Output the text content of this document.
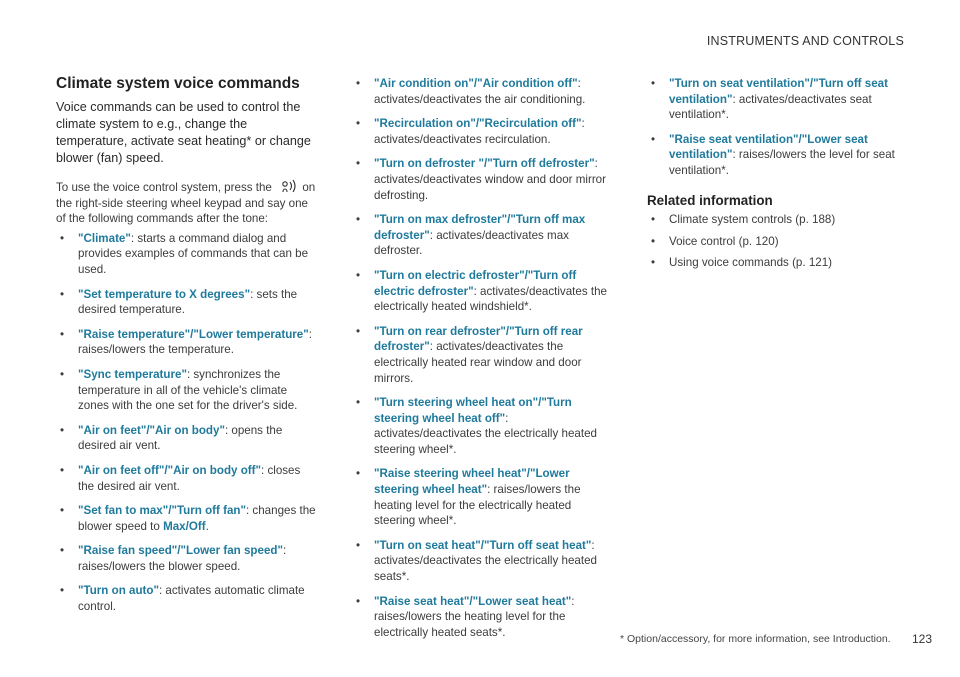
INSTRUMENTS AND CONTROLS
Climate system voice commands

Voice commands can be used to control the climate system to e.g., change the temperature, activate seat heating* or change blower (fan) speed.

To use the voice control system, press the	on the right-side steering wheel keypad and say one of the following commands after the tone:

• "Climate": starts a command dialog and provides examples of commands that can be used.
• "Set temperature to X degrees": sets the desired temperature.
• "Raise temperature"/"Lower temperature": raises/lowers the temperature.
• "Sync temperature": synchronizes the temperature in all of the vehicle's climate zones with the one set for the driver's side.
• "Air on feet"/"Air on body": opens the desired air vent.
• "Air on feet off"/"Air on body off": closes the desired air vent.
• "Set fan to max"/"Turn off fan": changes the blower speed to Max/Off.
• "Raise fan speed"/"Lower fan speed": raises/lowers the blower speed.
• "Turn on auto": activates automatic climate control.
• "Air condition on"/"Air condition off": activates/deactivates the air conditioning.
• "Recirculation on"/"Recirculation off": activates/deactivates recirculation.
• "Turn on defroster "/"Turn off defroster": activates/deactivates window and door mirror defrosting.
• "Turn on max defroster"/"Turn off max defroster": activates/deactivates max defroster.
• "Turn on electric defroster"/"Turn off electric defroster": activates/deactivates the electrically heated windshield*.
• "Turn on rear defroster"/"Turn off rear defroster": activates/deactivates the electrically heated rear window and door mirrors.
• "Turn steering wheel heat on"/"Turn steering wheel heat off": activates/deactivates the electrically heated steering wheel*.
• "Raise steering wheel heat"/"Lower steering wheel heat": raises/lowers the heating level for the electrically heated steering wheel*.
• "Turn on seat heat"/"Turn off seat heat": activates/deactivates the electrically heated seats*.
• "Raise seat heat"/"Lower seat heat": raises/lowers the heating level for the electrically heated seats*.
• "Turn on seat ventilation"/"Turn off seat ventilation": activates/deactivates seat ventilation*.
• "Raise seat ventilation"/"Lower seat ventilation": raises/lowers the level for seat ventilation*.
Related information
• Climate system controls (p. 188)
• Voice control (p. 120)
• Using voice commands (p. 121)
* Option/accessory, for more information, see Introduction. 123
